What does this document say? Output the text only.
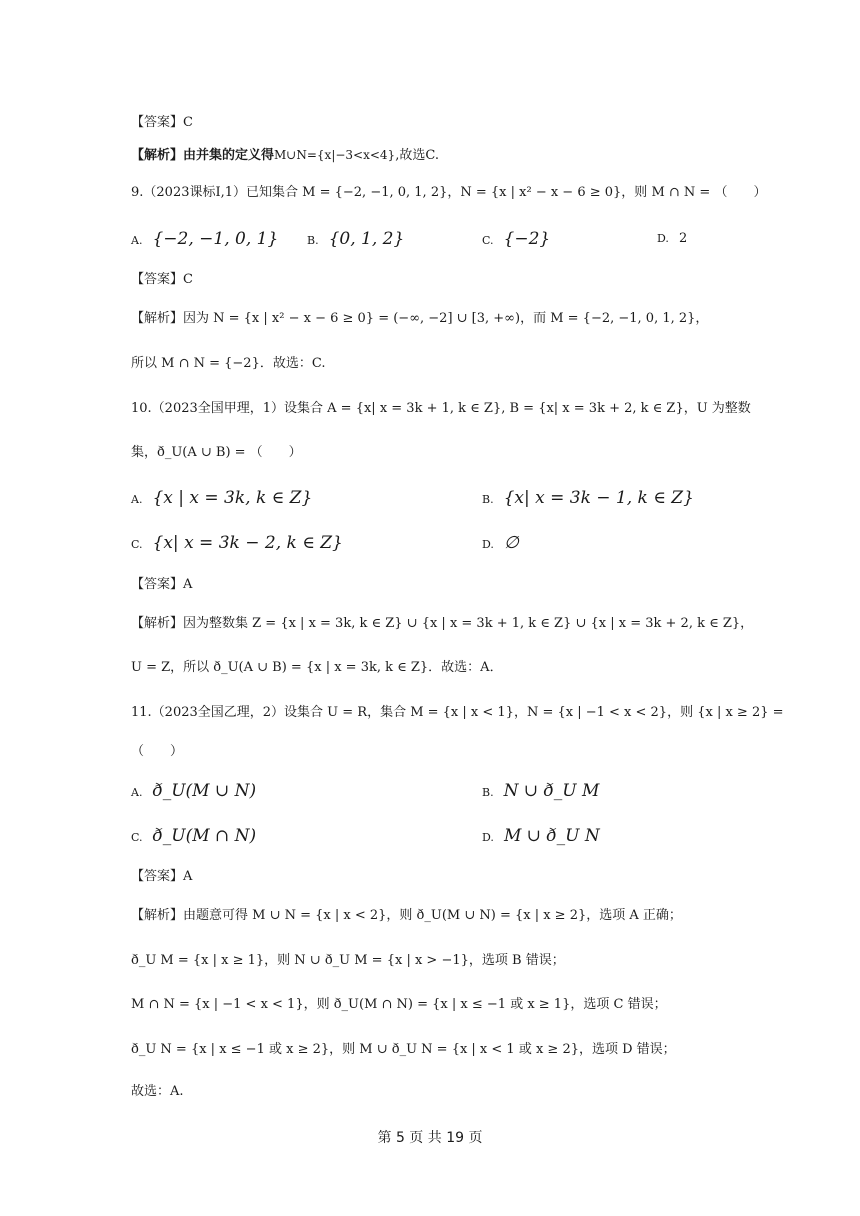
【答案】C
【解析】由并集的定义得M∪N={x|−3<x<4},故选C.
9.（2023课标Ⅰ,1）已知集合 M = {−2, −1, 0, 1, 2}，N = {x | x² − x − 6 ≥ 0}，则 M ∩ N = （　　）
A. {−2, −1, 0, 1}	B. {0, 1, 2}	C. {−2}	D. 2
【答案】C
【解析】因为 N = {x | x² − x − 6 ≥ 0} = (−∞, −2] ∪ [3, +∞)，而 M = {−2, −1, 0, 1, 2}，
所以 M ∩ N = {−2}．故选：C.
10.（2023全国甲理，1）设集合 A = {x| x = 3k + 1, k ∈ Z}, B = {x| x = 3k + 2, k ∈ Z}，U 为整数
集，ð_U(A ∪ B) = （　　）
A. {x | x = 3k, k ∈ Z}	B. {x| x = 3k − 1, k ∈ Z}
C. {x| x = 3k − 2, k ∈ Z}	D. ∅
【答案】A
【解析】因为整数集 Z = {x | x = 3k, k ∈ Z} ∪ {x | x = 3k + 1, k ∈ Z} ∪ {x | x = 3k + 2, k ∈ Z}，
U = Z，所以 ð_U(A ∪ B) = {x | x = 3k, k ∈ Z}．故选：A．
11.（2023全国乙理，2）设集合 U = R，集合 M = {x | x < 1}，N = {x | −1 < x < 2}，则 {x | x ≥ 2} =
（　　）
A. ð_U(M ∪ N)	B. N ∪ ð_U M
C. ð_U(M ∩ N)	D. M ∪ ð_U N
【答案】A
【解析】由题意可得 M ∪ N = {x | x < 2}，则 ð_U(M ∪ N) = {x | x ≥ 2}，选项 A 正确；
ð_U M = {x | x ≥ 1}，则 N ∪ ð_U M = {x | x > −1}，选项 B 错误；
M ∩ N = {x | −1 < x < 1}，则 ð_U(M ∩ N) = {x | x ≤ −1 或 x ≥ 1}，选项 C 错误；
ð_U N = {x | x ≤ −1 或 x ≥ 2}，则 M ∪ ð_U N = {x | x < 1 或 x ≥ 2}，选项 D 错误；
故选：A.
第 5 页 共 19 页
